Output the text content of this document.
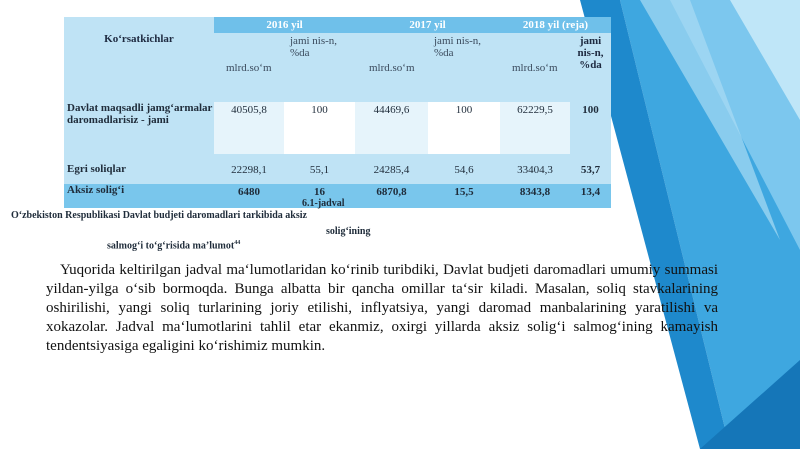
Ko‘rsatkichlar	2016 yil		2017 yil		2018 yil (reja)	
	mlrd.so‘m	jami nis-n, %da	mlrd.so‘m	jami nis-n, %da	mlrd.so‘m	jami nis-n, %da
Davlat maqsadli jamg‘armalar daromadlarisiz - jami	40505,8	100	44469,6	100	62229,5	100
Egri soliqlar	22298,1	55,1	24285,4	54,6	33404,3	53,7
Aksiz solig‘i	6480	16	6870,8	15,5	8343,8	13,4
6.1-jadval
O‘zbekiston Respublikasi Davlat budjeti daromadlari tarkibida aksiz
solig‘ining
salmog‘i to‘g‘risida ma’lumot$^{44}$

Yuqorida keltirilgan jadval ma‘lumotlaridan ko‘rinib turibdiki, Davlat budjeti daromadlari umumiy summasi yildan-yilga o‘sib bormoqda. Bunga albatta bir qancha omillar ta‘sir kiladi. Masalan, soliq stavkalarining oshirilishi, yangi soliq turlarining joriy etilishi, inflyatsiya, yangi daromad manbalarining yaratilishi va xokazolar. Jadval ma‘lumotlarini tahlil etar ekanmiz, oxirgi yillarda aksiz solig‘i salmog‘ining kamayish tendentsiyasiga egaligini ko‘rishimiz mumkin.
